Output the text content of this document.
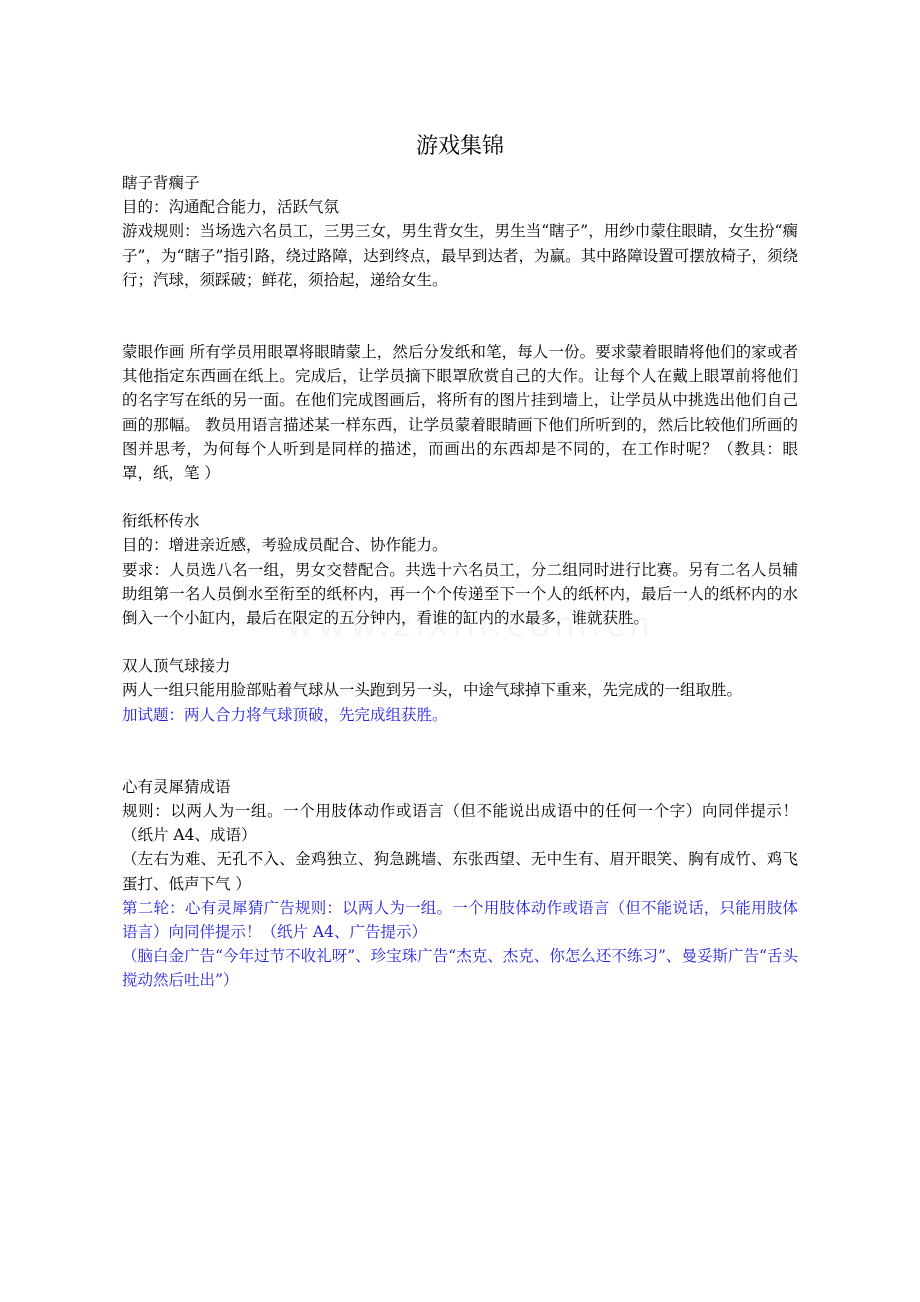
游戏集锦

瞎子背瘸子

目的：沟通配合能力，活跃气氛

游戏规则：当场选六名员工，三男三女，男生背女生，男生当“瞎子”，用纱巾蒙住眼睛，女生扮“瘸子”，为“瞎子”指引路，绕过路障，达到终点，最早到达者，为赢。其中路障设置可摆放椅子，须绕行；汽球，须踩破；鲜花，须拾起，递给女生。

蒙眼作画 所有学员用眼罩将眼睛蒙上，然后分发纸和笔，每人一份。要求蒙着眼睛将他们的家或者其他指定东西画在纸上。完成后，让学员摘下眼罩欣赏自己的大作。让每个人在戴上眼罩前将他们的名字写在纸的另一面。在他们完成图画后，将所有的图片挂到墙上，让学员从中挑选出他们自己画的那幅。 教员用语言描述某一样东西，让学员蒙着眼睛画下他们所听到的，然后比较他们所画的图并思考，为何每个人听到是同样的描述，而画出的东西却是不同的，在工作时呢？（教具：眼罩，纸，笔 ）

衔纸杯传水

目的：增进亲近感，考验成员配合、协作能力。

要求：人员选八名一组，男女交替配合。共选十六名员工，分二组同时进行比赛。另有二名人员辅助组第一名人员倒水至衔至的纸杯内，再一个个传递至下一个人的纸杯内，最后一人的纸杯内的水倒入一个小缸内，最后在限定的五分钟内，看谁的缸内的水最多，谁就获胜。

双人顶气球接力

两人一组只能用脸部贴着气球从一头跑到另一头，中途气球掉下重来，先完成的一组取胜。

加试题：两人合力将气球顶破，先完成组获胜。

心有灵犀猜成语

规则：以两人为一组。一个用肢体动作或语言（但不能说出成语中的任何一个字）向同伴提示！（纸片 A4、成语）

（左右为难、无孔不入、金鸡独立、狗急跳墙、东张西望、无中生有、眉开眼笑、胸有成竹、鸡飞蛋打、低声下气 ）

第二轮：心有灵犀猜广告规则：以两人为一组。一个用肢体动作或语言（但不能说话，只能用肢体语言）向同伴提示！（纸片 A4、广告提示）

（脑白金广告“今年过节不收礼呀”、珍宝珠广告“杰克、杰克、你怎么还不练习”、曼妥斯广告“舌头搅动然后吐出”）
